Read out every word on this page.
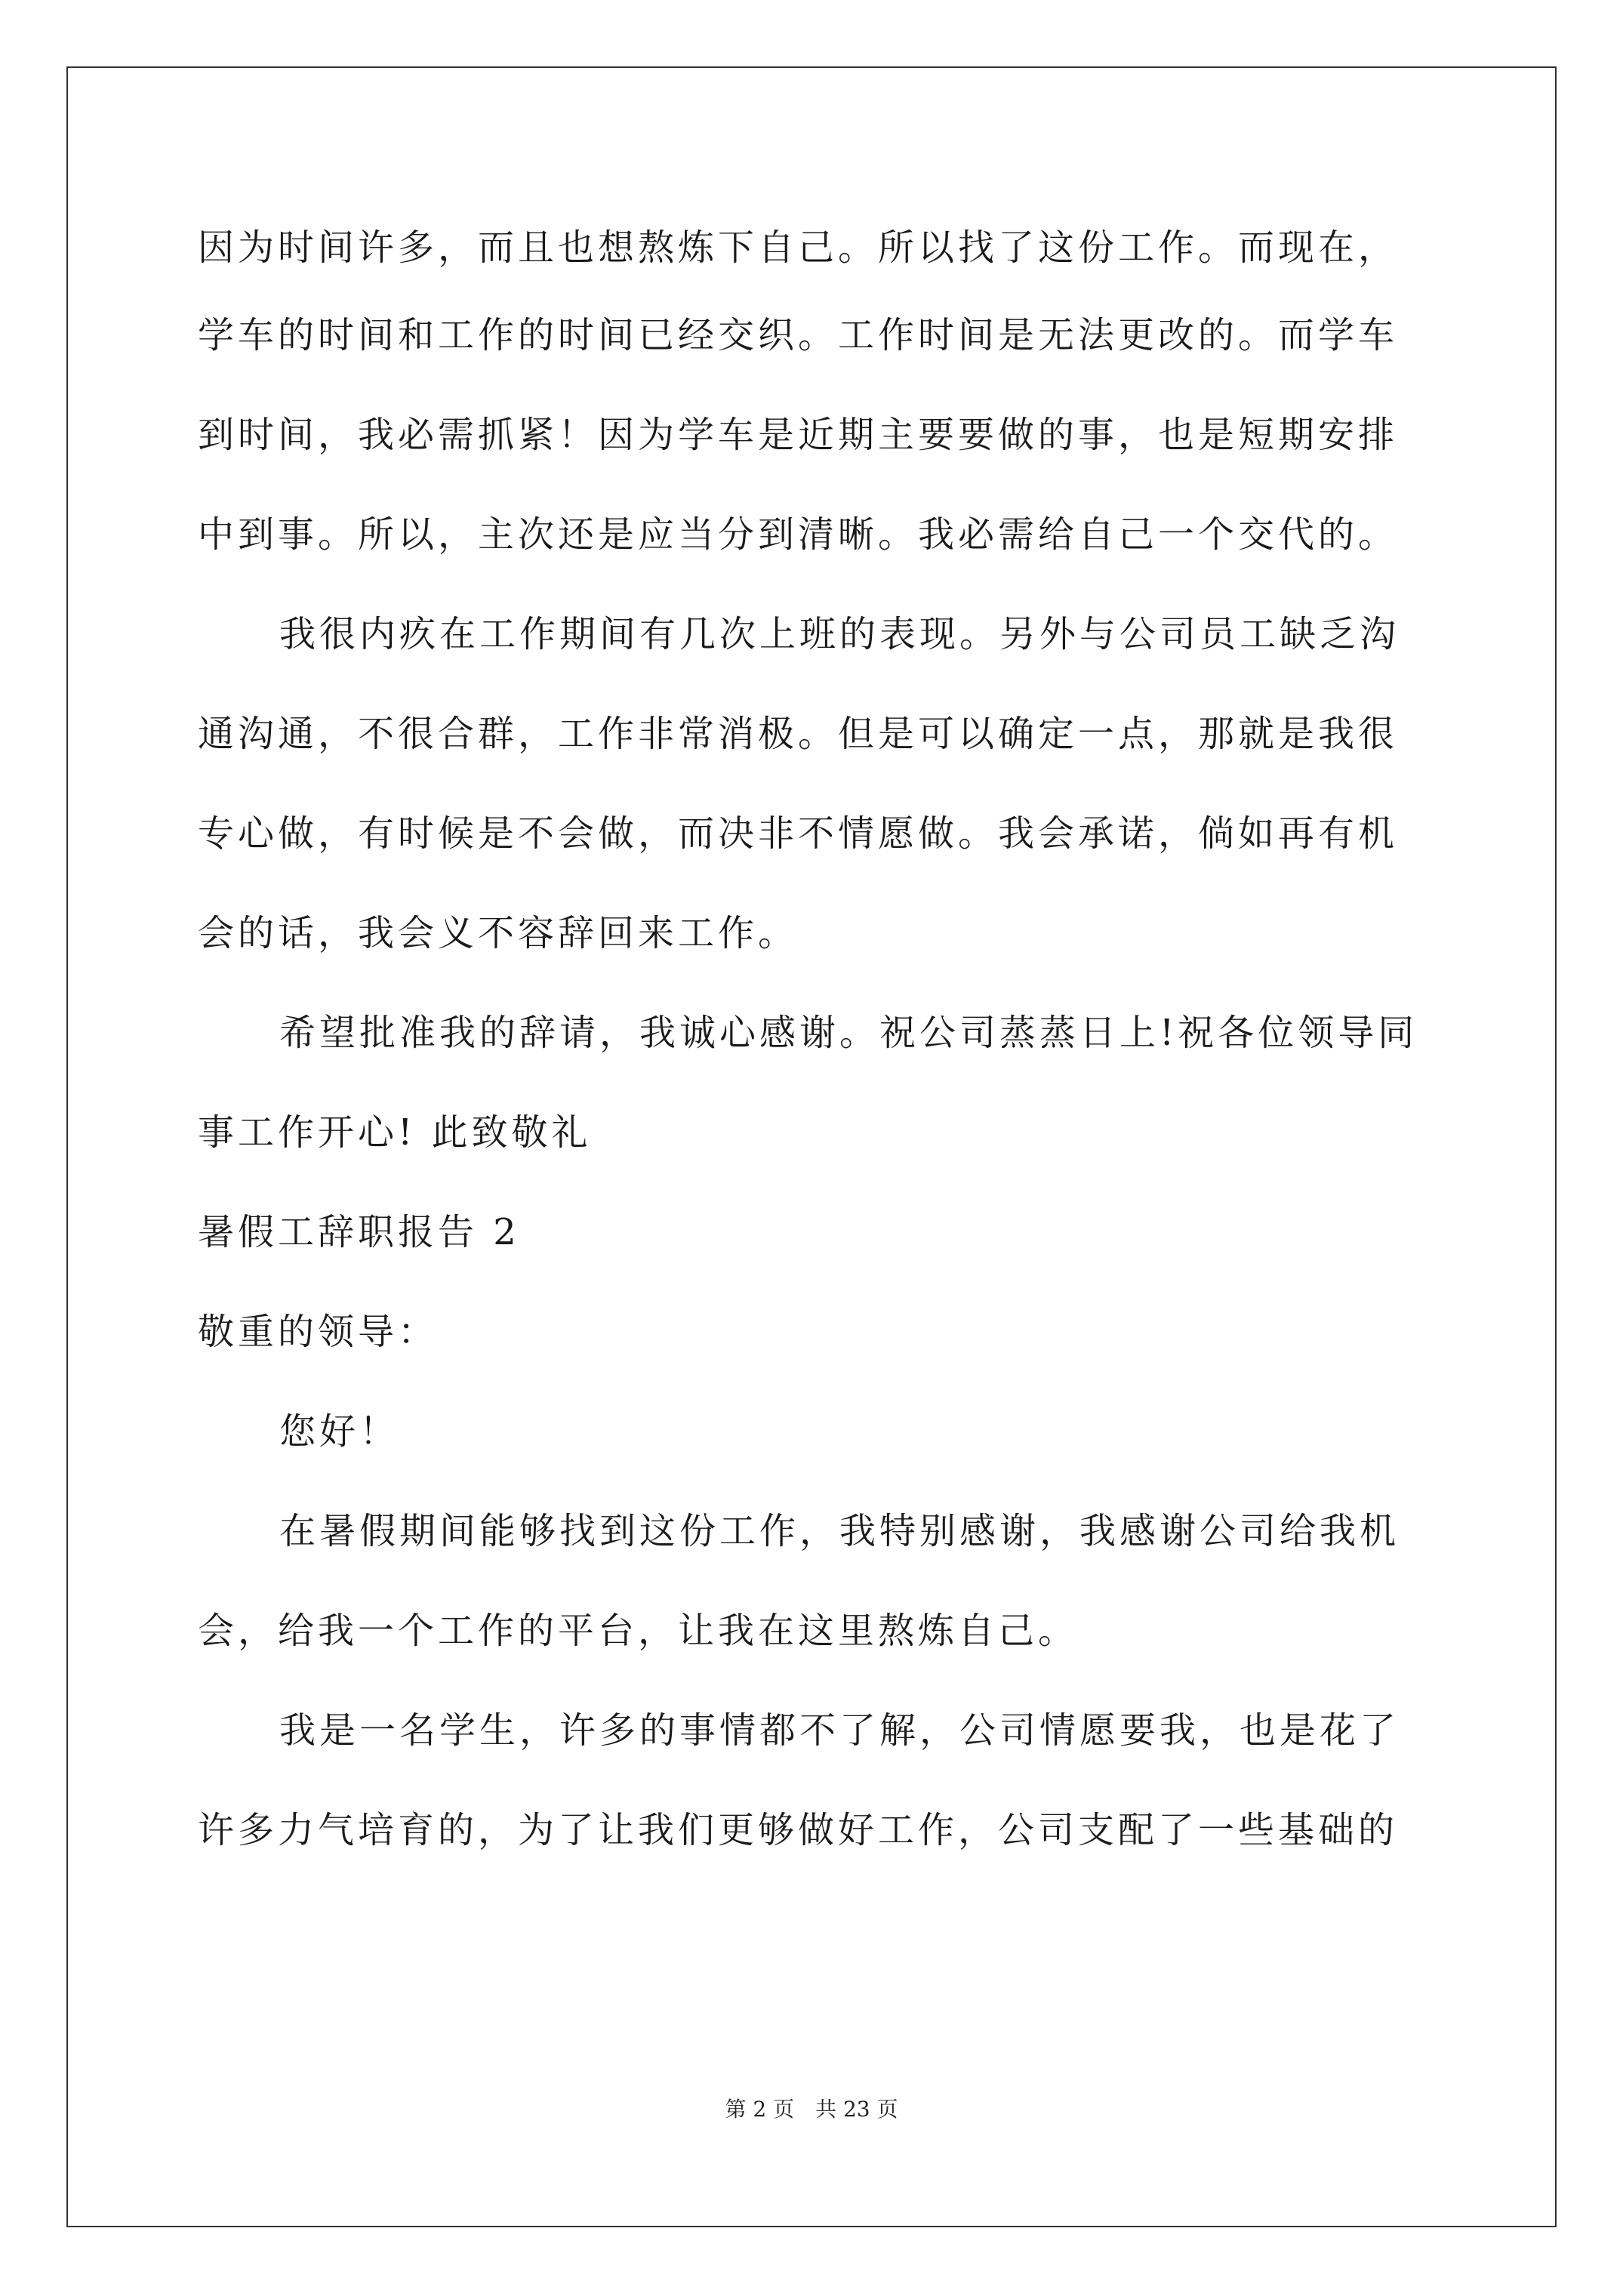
因为时间许多，而且也想熬炼下自己。所以找了这份工作。而现在，
学车的时间和工作的时间已经交织。工作时间是无法更改的。而学车
到时间，我必需抓紧！因为学车是近期主要要做的事，也是短期安排
中到事。所以，主次还是应当分到清晰。我必需给自己一个交代的。
我很内疚在工作期间有几次上班的表现。另外与公司员工缺乏沟
通沟通，不很合群，工作非常消极。但是可以确定一点，那就是我很
专心做，有时候是不会做，而决非不情愿做。我会承诺，倘如再有机
会的话，我会义不容辞回来工作。
希望批准我的辞请，我诚心感谢。祝公司蒸蒸日上!祝各位领导同
事工作开心! 此致敬礼
暑假工辞职报告 2
敬重的领导：
您好！
在暑假期间能够找到这份工作，我特别感谢，我感谢公司给我机
会，给我一个工作的平台，让我在这里熬炼自己。
我是一名学生，许多的事情都不了解，公司情愿要我，也是花了
许多力气培育的，为了让我们更够做好工作，公司支配了一些基础的
第 2 页 共 23 页
